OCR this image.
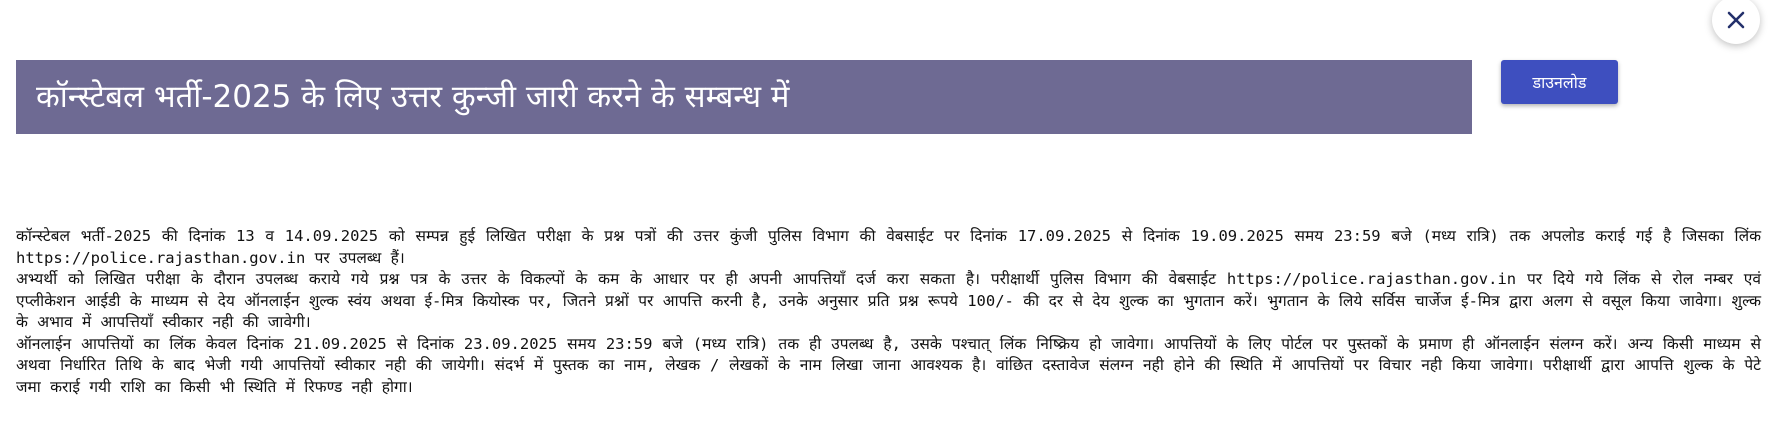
कॉन्स्टेबल भर्ती-2025 के लिए उत्तर कुन्जी जारी करने के सम्बन्ध में	डाउनलोड

कॉन्स्टेबल भर्ती-2025 की दिनांक 13 व 14.09.2025 को सम्पन्न हुई लिखित परीक्षा के प्रश्न पत्रों की उत्तर कुंजी पुलिस विभाग की वेबसाईट पर दिनांक 17.09.2025 से दिनांक 19.09.2025 समय 23:59 बजे (मध्य रात्रि) तक अपलोड कराई गई है जिसका लिंक https://police.rajasthan.gov.in पर उपलब्ध हैं।

अभ्यर्थी को लिखित परीक्षा के दौरान उपलब्ध कराये गये प्रश्न पत्र के उत्तर के विकल्पों के कम के आधार पर ही अपनी आपत्तियाँ दर्ज करा सकता है। परीक्षार्थी पुलिस विभाग की वेबसाईट https://police.rajasthan.gov.in पर दिये गये लिंक से रोल नम्बर एवं एप्लीकेशन आईडी के माध्यम से देय ऑनलाईन शुल्क स्वंय अथवा ई-मित्र कियोस्क पर, जितने प्रश्नों पर आपत्ति करनी है, उनके अनुसार प्रति प्रश्न रूपये 100/- की दर से देय शुल्क का भुगतान करें। भुगतान के लिये सर्विस चार्जेज ई-मित्र द्वारा अलग से वसूल किया जावेगा। शुल्क के अभाव में आपत्तियाँ स्वीकार नही की जावेगी।

ऑनलाईन आपत्तियों का लिंक केवल दिनांक 21.09.2025 से दिनांक 23.09.2025 समय 23:59 बजे (मध्य रात्रि) तक ही उपलब्ध है, उसके पश्चात् लिंक निष्क्रिय हो जावेगा। आपत्तियों के लिए पोर्टल पर पुस्तकों के प्रमाण ही ऑनलाईन संलग्न करें। अन्य किसी माध्यम से अथवा निर्धारित तिथि के बाद भेजी गयी आपत्तियों स्वीकार नही की जायेगी। संदर्भ में पुस्तक का नाम, लेखक / लेखकों के नाम लिखा जाना आवश्यक है। वांछित दस्तावेज संलग्न नही होने की स्थिति में आपत्तियों पर विचार नही किया जावेगा। परीक्षार्थी द्वारा आपत्ति शुल्क के पेटे जमा कराई गयी राशि का किसी भी स्थिति में रिफण्ड नही होगा।
